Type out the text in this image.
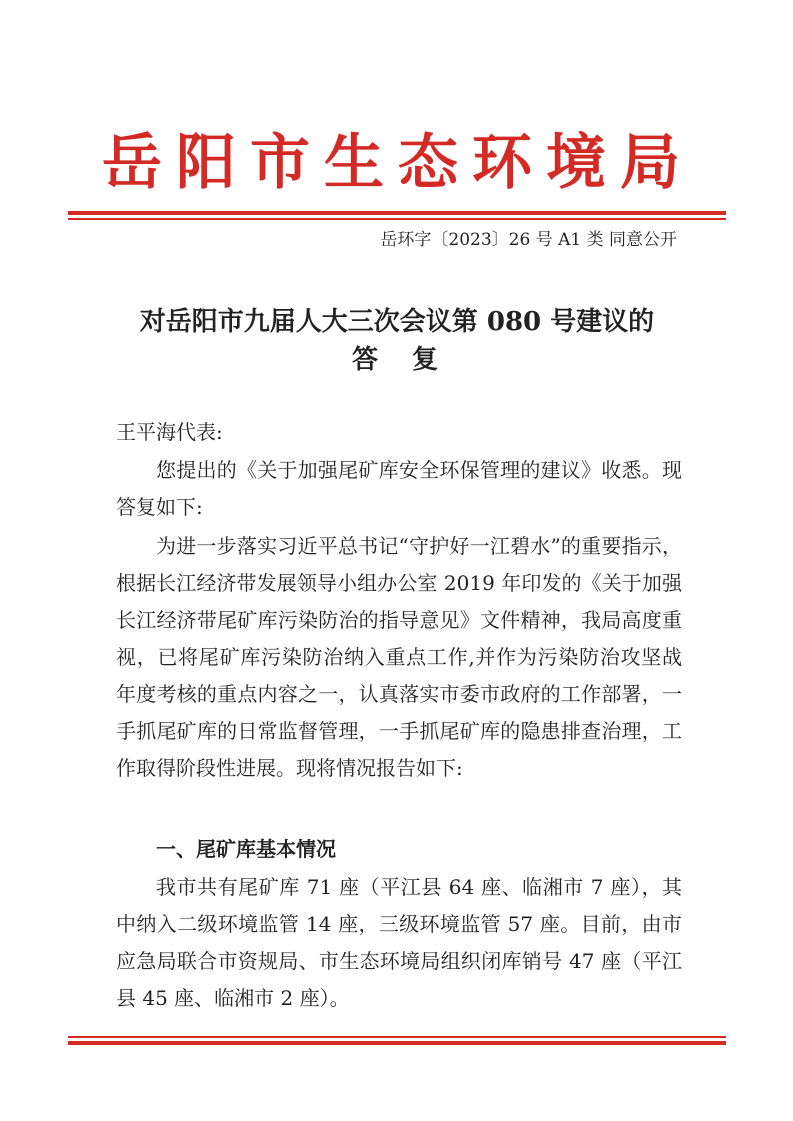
岳阳市生态环境局
岳环字〔2023〕26 号 A1 类 同意公开
对岳阳市九届人大三次会议第 080 号建议的
答　复
王平海代表:
您提出的《关于加强尾矿库安全环保管理的建议》收悉。现答复如下:
为进一步落实习近平总书记“守护好一江碧水”的重要指示，根据长江经济带发展领导小组办公室 2019 年印发的《关于加强长江经济带尾矿库污染防治的指导意见》文件精神，我局高度重视，已将尾矿库污染防治纳入重点工作,并作为污染防治攻坚战年度考核的重点内容之一，认真落实市委市政府的工作部署，一手抓尾矿库的日常监督管理，一手抓尾矿库的隐患排查治理，工作取得阶段性进展。现将情况报告如下:
一、尾矿库基本情况
我市共有尾矿库 71 座（平江县 64 座、临湘市 7 座），其中纳入二级环境监管 14 座，三级环境监管 57 座。目前，由市应急局联合市资规局、市生态环境局组织闭库销号 47 座（平江县 45 座、临湘市 2 座）。
